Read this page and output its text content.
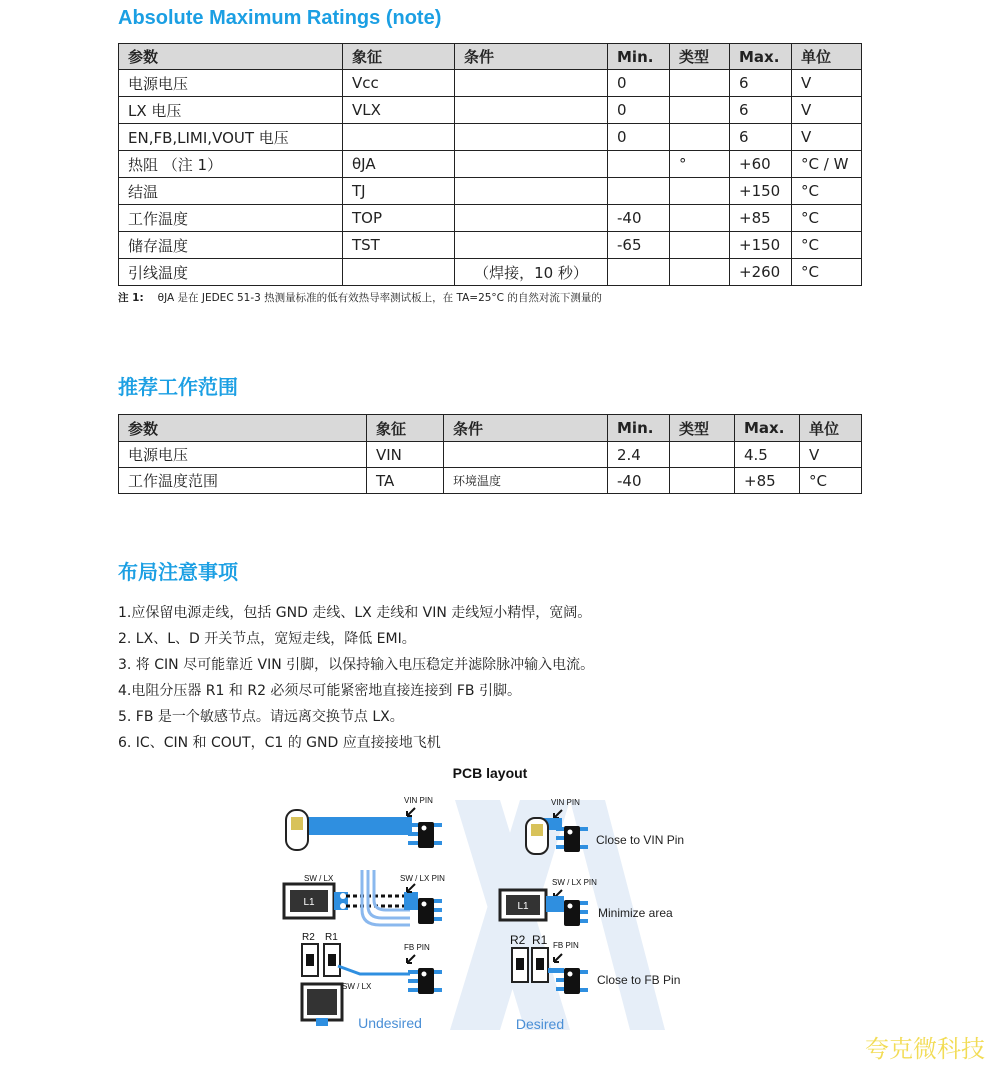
Absolute Maximum Ratings (note)
参数	象征	条件	Min.	类型	Max.	单位
电源电压	Vcc		0		6	V
LX 电压	VLX		0		6	V
EN,FB,LIMI,VOUT 电压			0		6	V
热阻 （注 1）	θJA			°	+60	°C / W
结温	TJ				+150	°C
工作温度	TOP		-40		+85	°C
储存温度	TST		-65		+150	°C
引线温度		（焊接，10 秒）			+260	°C
注 1: θJA 是在 JEDEC 51-3 热测量标准的低有效热导率测试板上，在 TA=25°C 的自然对流下测量的
推荐工作范围
参数	象征	条件	Min.	类型	Max.	单位
电源电压	VIN		2.4		4.5	V
工作温度范围	TA	环境温度	-40		+85	°C
布局注意事项
1.应保留电源走线，包括 GND 走线、LX 走线和 VIN 走线短小精悍，宽阔。
2. LX、L、D 开关节点，宽短走线，降低 EMI。
3. 将 CIN 尽可能靠近 VIN 引脚，以保持输入电压稳定并滤除脉冲输入电流。
4.电阻分压器 R1 和 R2 必须尽可能紧密地直接连接到 FB 引脚。
5. FB 是一个敏感节点。请远离交换节点 LX。
6. IC、CIN 和 COUT，C1 的 GND 应直接接地飞机
PCB layout
VIN PIN
SW / LX	SW / LX PIN
L1
R2 R1
FB PIN
SW / LX
Undesired
VIN PIN
Close to VIN Pin
SW / LX PIN
L1	Minimize area
R2 R1 FB PIN
Close to FB Pin
Desired
夸克微科技
